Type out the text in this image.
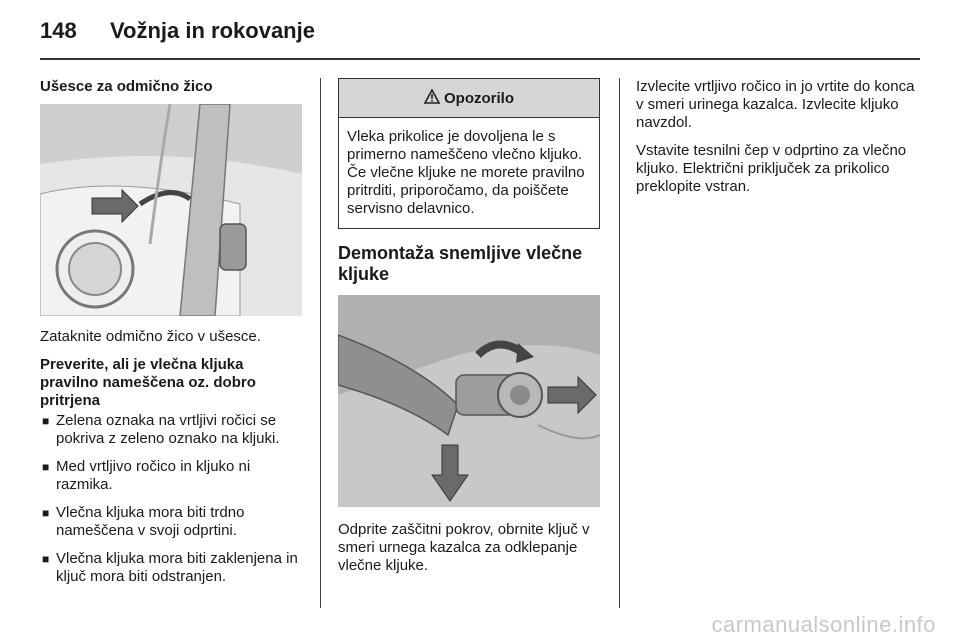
148 Vožnja in rokovanje
Ušesce za odmično žico

Zataknite odmično žico v ušesce.

Preverite, ali je vlečna kljuka pravilno nameščena oz. dobro pritrjena

■ Zelena oznaka na vrtljivi ročici se pokriva z zeleno oznako na kljuki.
■ Med vrtljivo ročico in kljuko ni razmika.
■ Vlečna kljuka mora biti trdno nameščena v svoji odprtini.
■ Vlečna kljuka mora biti zaklenjena in ključ mora biti odstranjen.
Opozorilo
Vleka prikolice je dovoljena le s primerno nameščeno vlečno kljuko. Če vlečne kljuke ne morete pravilno pritrditi, priporočamo, da poiščete servisno delavnico.
Demontaža snemljive vlečne kljuke

Odprite zaščitni pokrov, obrnite ključ v smeri urnega kazalca za odklepanje vlečne kljuke.

Izvlecite vrtljivo ročico in jo vrtite do konca v smeri urinega kazalca. Izvlecite kljuko navzdol.

Vstavite tesnilni čep v odprtino za vlečno kljuko. Električni priključek za prikolico preklopite vstran.

carmanualsonline.info
